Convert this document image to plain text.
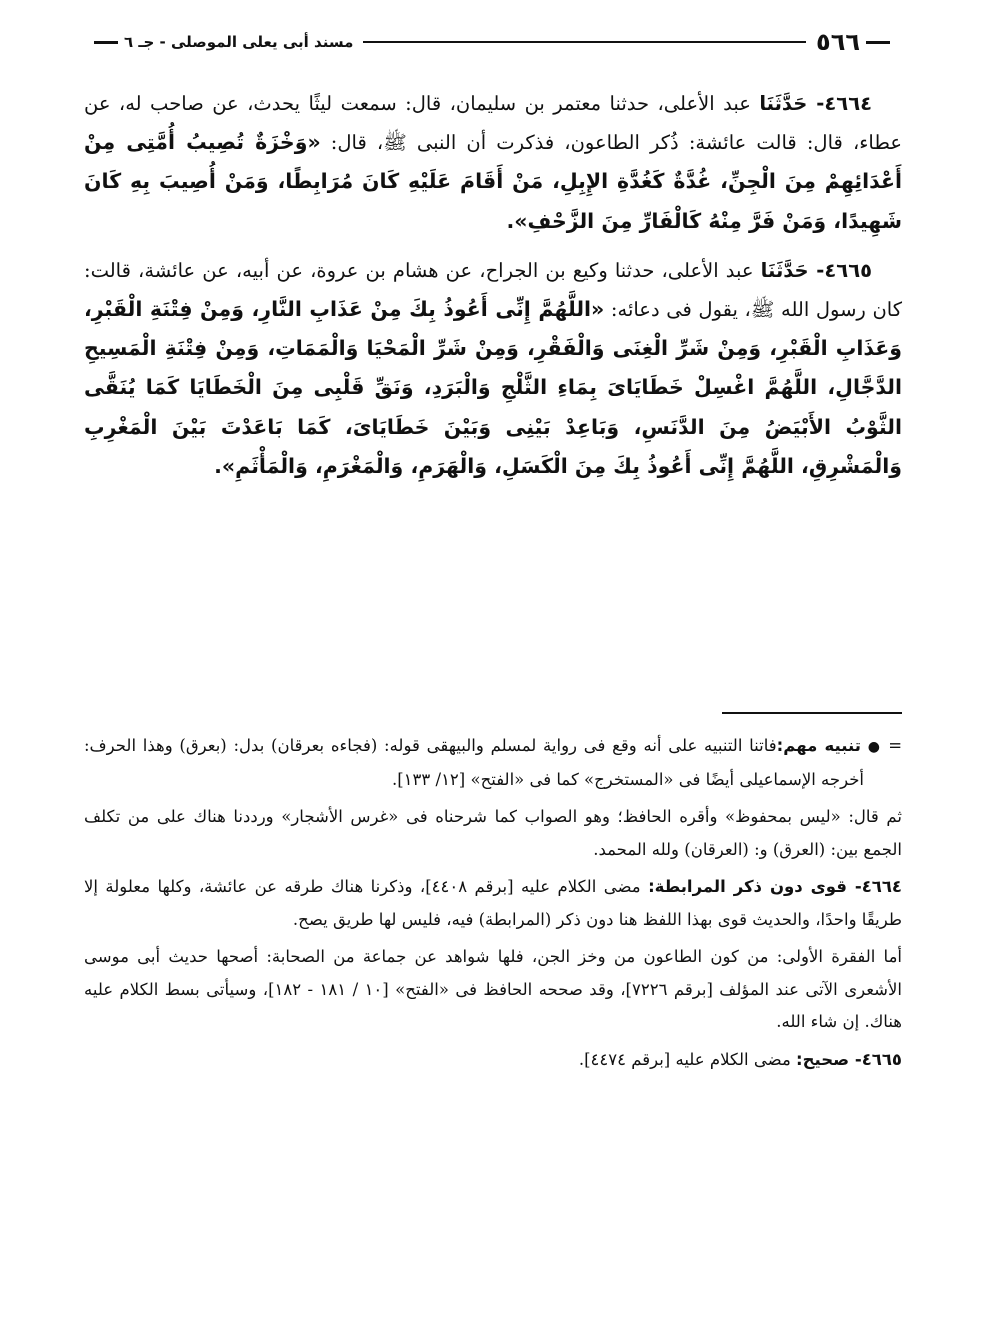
٥٦٦
مسند أبى يعلى الموصلى - جـ ٦

٤٦٦٤- حَدَّثَنَا عبد الأعلى، حدثنا معتمر بن سليمان، قال: سمعت ليثًا يحدث، عن صاحب له، عن عطاء، قال: قالت عائشة: ذُكر الطاعون، فذكرت أن النبى ﷺ، قال: «وَخْزَةٌ تُصِيبُ أُمَّتِى مِنْ أَعْدَائِهِمْ مِنَ الْجِنِّ، غُدَّةٌ كَغُدَّةِ الإِبِلِ، مَنْ أَقَامَ عَلَيْهِ كَانَ مُرَابِطًا، وَمَنْ أُصِيبَ بِهِ كَانَ شَهِيدًا، وَمَنْ فَرَّ مِنْهُ كَالْفَارِّ مِنَ الزَّحْفِ».

٤٦٦٥- حَدَّثَنَا عبد الأعلى، حدثنا وكيع بن الجراح، عن هشام بن عروة، عن أبيه، عن عائشة، قالت: كان رسول الله ﷺ، يقول فى دعائه: «اللَّهُمَّ إِنِّى أَعُوذُ بِكَ مِنْ عَذَابِ النَّارِ، وَمِنْ فِتْنَةِ الْقَبْرِ، وَعَذَابِ الْقَبْرِ، وَمِنْ شَرِّ الْغِنَى وَالْفَقْرِ، وَمِنْ شَرِّ الْمَحْيَا وَالْمَمَاتِ، وَمِنْ فِتْنَةِ الْمَسِيحِ الدَّجَّالِ، اللَّهُمَّ اغْسِلْ خَطَايَاىَ بِمَاءِ الثَّلْجِ وَالْبَرَدِ، وَنَقِّ قَلْبِى مِنَ الْخَطَايَا كَمَا يُنَقَّى الثَّوْبُ الأَبْيَضُ مِنَ الدَّنَسِ، وَبَاعِدْ بَيْنِى وَبَيْنَ خَطَايَاىَ، كَمَا بَاعَدْتَ بَيْنَ الْمَغْرِبِ وَالْمَشْرِقِ، اللَّهُمَّ إِنِّى أَعُوذُ بِكَ مِنَ الْكَسَلِ، وَالْهَرَمِ، وَالْمَغْرَمِ، وَالْمَأْثَمِ».

= ● تنبيه مهم:فاتنا التنبيه على أنه وقع فى رواية لمسلم والبيهقى قوله: (فجاءه بعرقان) بدل: (بعرق) وهذا الحرف: أخرجه الإسماعيلى أيضًا فى «المستخرج» كما فى «الفتح» [١٢/ ١٣٣].

ثم قال: «ليس بمحفوظ» وأقره الحافظ؛ وهو الصواب كما شرحناه فى «غرس الأشجار» ورددنا هناك على من تكلف الجمع بين: (العرق) و: (العرقان) ولله المحمد.

٤٦٦٤- قوى دون ذكر المرابطة: مضى الكلام عليه [برقم ٤٤٠٨]، وذكرنا هناك طرقه عن عائشة، وكلها معلولة إلا طريقًا واحدًا، والحديث قوى بهذا اللفظ هنا دون ذكر (المرابطة) فيه، فليس لها طريق يصح.

أما الفقرة الأولى: من كون الطاعون من وخز الجن، فلها شواهد عن جماعة من الصحابة: أصحها حديث أبى موسى الأشعرى الآتى عند المؤلف [برقم ٧٢٢٦]، وقد صححه الحافظ فى «الفتح» [١٠ / ١٨١ - ١٨٢]، وسيأتى بسط الكلام عليه هناك. إن شاء الله.

٤٦٦٥- صحيح: مضى الكلام عليه [برقم ٤٤٧٤].
